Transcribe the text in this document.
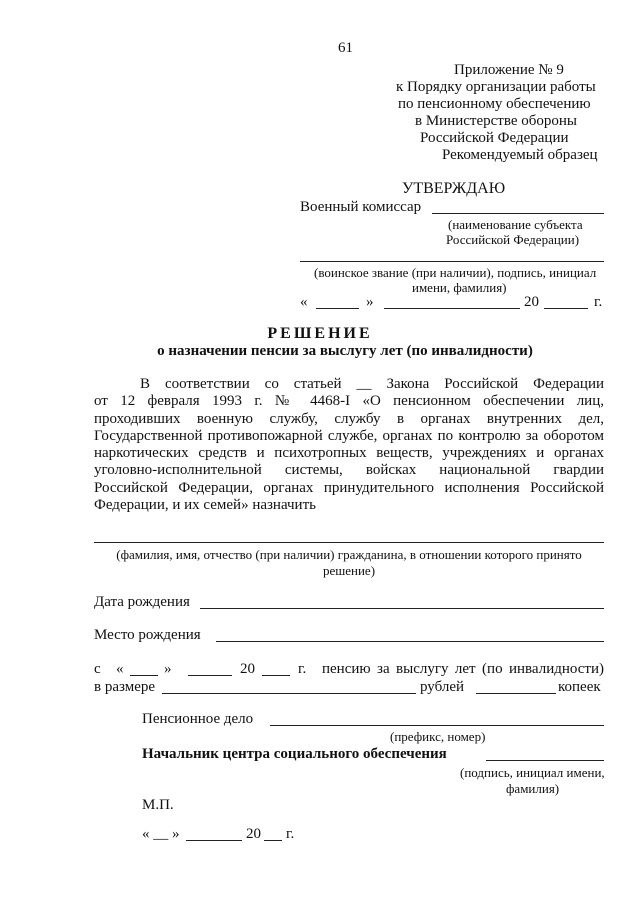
61
Приложение № 9
к Порядку организации работы
по пенсионному обеспечению
в Министерстве обороны
Российской Федерации
Рекомендуемый образец
УТВЕРЖДАЮ
Военный комиссар
(наименование субъекта
Российской Федерации)
(воинское звание (при наличии), подпись, инициал
имени, фамилия)
«	»	20	г.
РЕШЕНИЕ
о назначении пенсии за выслугу лет (по инвалидности)
В соответствии со статьей __ Закона Российской Федерации
от 12 февраля 1993 г. № 4468-I «О пенсионном обеспечении лиц,
проходивших военную службу, службу в органах внутренних дел,
Государственной противопожарной службе, органах по контролю за оборотом
наркотических средств и психотропных веществ, учреждениях и органах
уголовно-исполнительной системы, войсках национальной гвардии
Российской Федерации, органах принудительного исполнения Российской
Федерации, и их семей» назначить
(фамилия, имя, отчество (при наличии) гражданина, в отношении которого принято
решение)
Дата рождения
Место рождения
с «	»	20	г. пенсию за выслугу лет (по инвалидности)
в размере	рублей	копеек
Пенсионное дело
(префикс, номер)
Начальник центра социального обеспечения
(подпись, инициал имени,
фамилия)
М.П.
« __ »	20 г.
